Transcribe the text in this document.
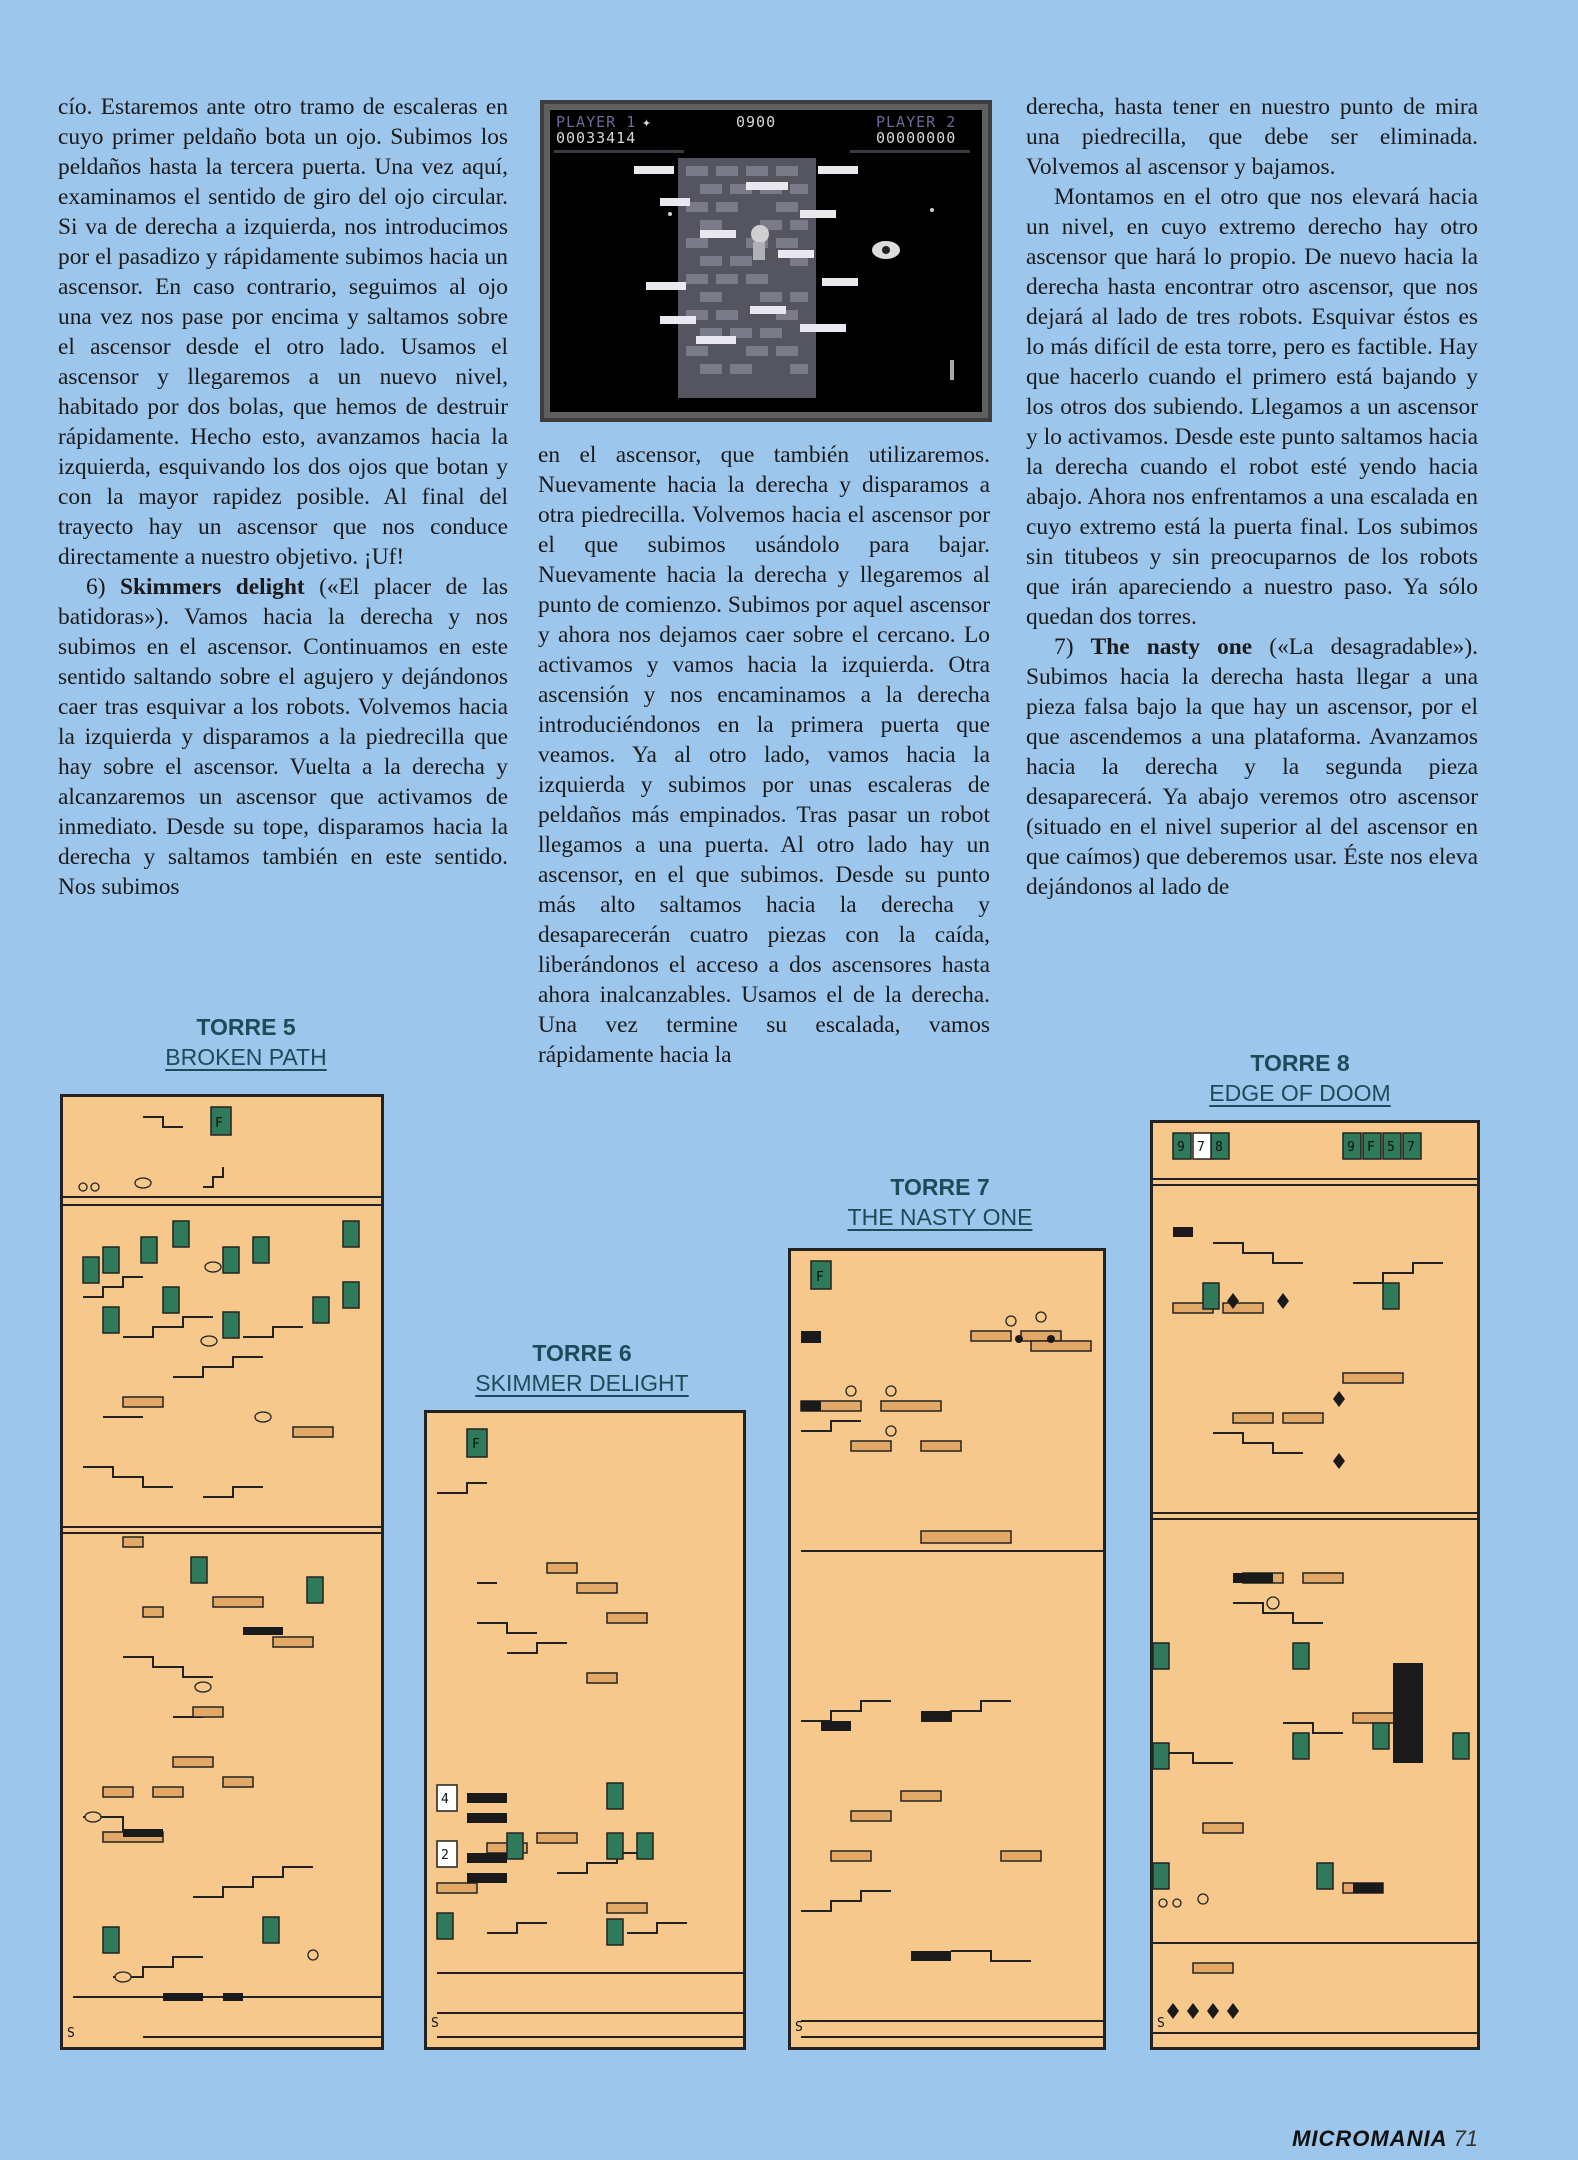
cío. Estaremos ante otro tramo de escaleras en cuyo primer peldaño bota un ojo. Subimos los peldaños hasta la tercera puerta. Una vez aquí, examinamos el sentido de giro del ojo circular. Si va de derecha a izquierda, nos introducimos por el pasadizo y rápidamente subimos hacia un ascensor. En caso contrario, seguimos al ojo una vez nos pase por encima y saltamos sobre el ascensor desde el otro lado. Usamos el ascensor y llegaremos a un nuevo nivel, habitado por dos bolas, que hemos de destruir rápidamente. Hecho esto, avanzamos hacia la izquierda, esquivando los dos ojos que botan y con la mayor rapidez posible. Al final del trayecto hay un ascensor que nos conduce directamente a nuestro objetivo. ¡Uf!

6) Skimmers delight («El placer de las batidoras»). Vamos hacia la derecha y nos subimos en el ascensor. Continuamos en este sentido saltando sobre el agujero y dejándonos caer tras esquivar a los robots. Volvemos hacia la izquierda y disparamos a la piedrecilla que hay sobre el ascensor. Vuelta a la derecha y alcanzaremos un ascensor que activamos de inmediato. Desde su tope, disparamos hacia la derecha y saltamos también en este sentido. Nos subimos

en el ascensor, que también utilizaremos. Nuevamente hacia la derecha y disparamos a otra piedrecilla. Volvemos hacia el ascensor por el que subimos usándolo para bajar. Nuevamente hacia la derecha y llegaremos al punto de comienzo. Subimos por aquel ascensor y ahora nos dejamos caer sobre el cercano. Lo activamos y vamos hacia la izquierda. Otra ascensión y nos encaminamos a la derecha introduciéndonos en la primera puerta que veamos. Ya al otro lado, vamos hacia la izquierda y subimos por unas escaleras de peldaños más empinados. Tras pasar un robot llegamos a una puerta. Al otro lado hay un ascensor, en el que subimos. Desde su punto más alto saltamos hacia la derecha y desaparecerán cuatro piezas con la caída, liberándonos el acceso a dos ascensores hasta ahora inalcanzables. Usamos el de la derecha. Una vez termine su escalada, vamos rápidamente hacia la

derecha, hasta tener en nuestro punto de mira una piedrecilla, que debe ser eliminada. Volvemos al ascensor y bajamos.

Montamos en el otro que nos elevará hacia un nivel, en cuyo extremo derecho hay otro ascensor que hará lo propio. De nuevo hacia la derecha hasta encontrar otro ascensor, que nos dejará al lado de tres robots. Esquivar éstos es lo más difícil de esta torre, pero es factible. Hay que hacerlo cuando el primero está bajando y los otros dos subiendo. Llegamos a un ascensor y lo activamos. Desde este punto saltamos hacia la derecha cuando el robot esté yendo hacia abajo. Ahora nos enfrentamos a una escalada en cuyo extremo está la puerta final. Los subimos sin titubeos y sin preocuparnos de los robots que irán apareciendo a nuestro paso. Ya sólo quedan dos torres.

7) The nasty one («La desagradable»). Subimos hacia la derecha hasta llegar a una pieza falsa bajo la que hay un ascensor, por el que ascendemos a una plataforma. Avanzamos hacia la derecha y la segunda pieza desaparecerá. Ya abajo veremos otro ascensor (situado en el nivel superior al del ascensor en que caímos) que deberemos usar. Éste nos eleva dejándonos al lado de

PLAYER 1 ✦
00033414
0900	PLAYER 2
00000000
TORRE 5
BROKEN PATH
TORRE 6
SKIMMER DELIGHT
TORRE 7
THE NASTY ONE
TORRE 8
EDGE OF DOOM
F
S
F
S
4
2
F
S
9 8
7	9 F 5 7
S
MICROMANIA 71
